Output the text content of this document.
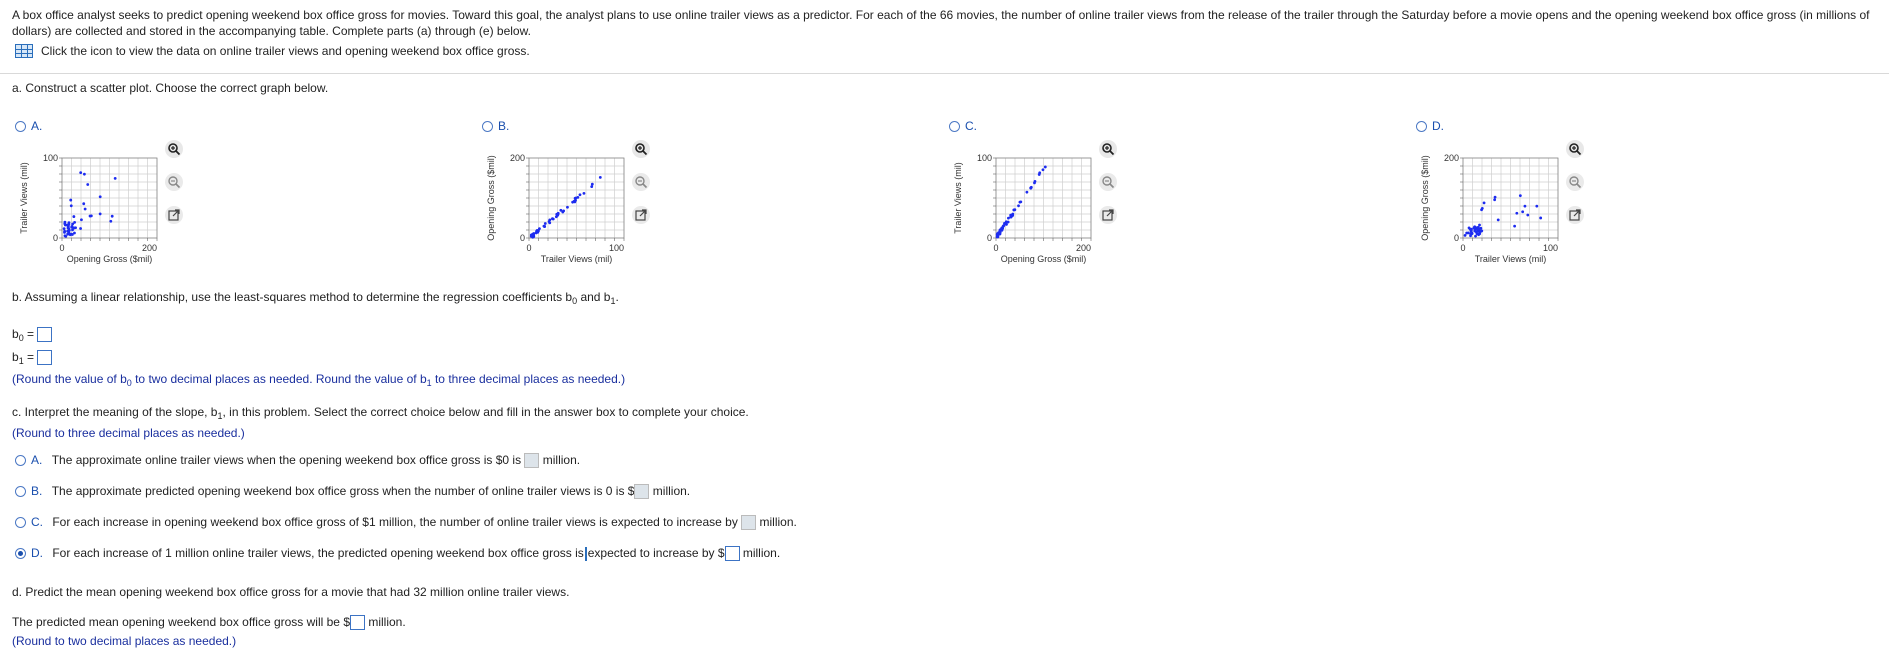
A box office analyst seeks to predict opening weekend box office gross for movies. Toward this goal, the analyst plans to use online trailer views as a predictor. For each of the 66 movies, the number of online trailer views from the release of the trailer through the Saturday before a movie opens and the opening weekend box office gross (in millions of dollars) are collected and stored in the accompanying table. Complete parts (a) through (e) below.
Click the icon to view the data on online trailer views and opening weekend box office gross.
a. Construct a scatter plot. Choose the correct graph below.
A.
100
0
0	200
Opening Gross ($mil)
Trailer Views (mil)
B.
200
0
0	100
Trailer Views (mil)
Opening Gross ($mil)
C.
100
0
0	200
Opening Gross ($mil)
Trailer Views (mil)
D.
200
0
0	100
Trailer Views (mil)
Opening Gross ($mil)
b. Assuming a linear relationship, use the least-squares method to determine the regression coefficients $b_0$ and $b_1$.
$b_0$ =
$b_1$ =
(Round the value of $b_0$ to two decimal places as needed. Round the value of $b_1$ to three decimal places as needed.)
c. Interpret the meaning of the slope, $b_1$, in this problem. Select the correct choice below and fill in the answer box to complete your choice.
(Round to three decimal places as needed.)
A. The approximate online trailer views when the opening weekend box office gross is $0 is  million.
B. The approximate predicted opening weekend box office gross when the number of online trailer views is 0 is $ million.
C. For each increase in opening weekend box office gross of $1 million, the number of online trailer views is expected to increase by  million.
D. For each increase of 1 million online trailer views, the predicted opening weekend box office gross is expected to increase by $ million.
d. Predict the mean opening weekend box office gross for a movie that had 32 million online trailer views.
The predicted mean opening weekend box office gross will be $ million.
(Round to two decimal places as needed.)
